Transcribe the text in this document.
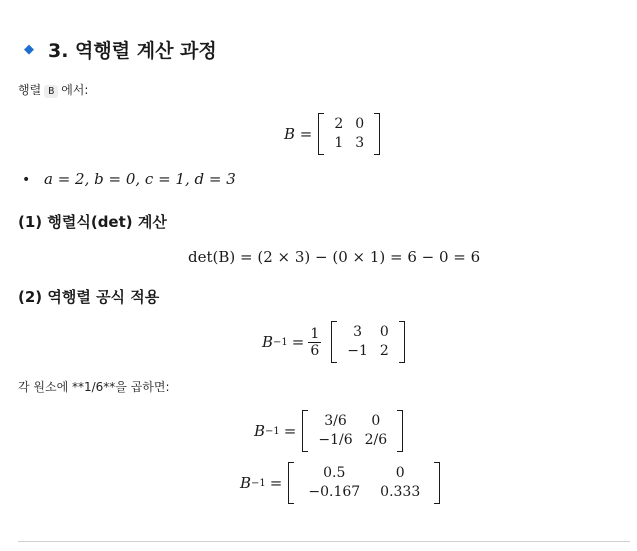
◆ 3. 역행렬 계산 과정
행렬 B 에서:
B =
2	0
1	3
• a = 2, b = 0, c = 1, d = 3
(1) 행렬식(det) 계산
det(B) = (2 × 3) − (0 × 1) = 6 − 0 = 6
(2) 역행렬 공식 적용
$B -1 = \frac{1}{6} 3$	0
−1	2
각 원소에 **1/6**을 곱하면:
B −1 =
3/6	0
−1/6	2/6
B −1 =
0.5	0
−0.167	0.333
